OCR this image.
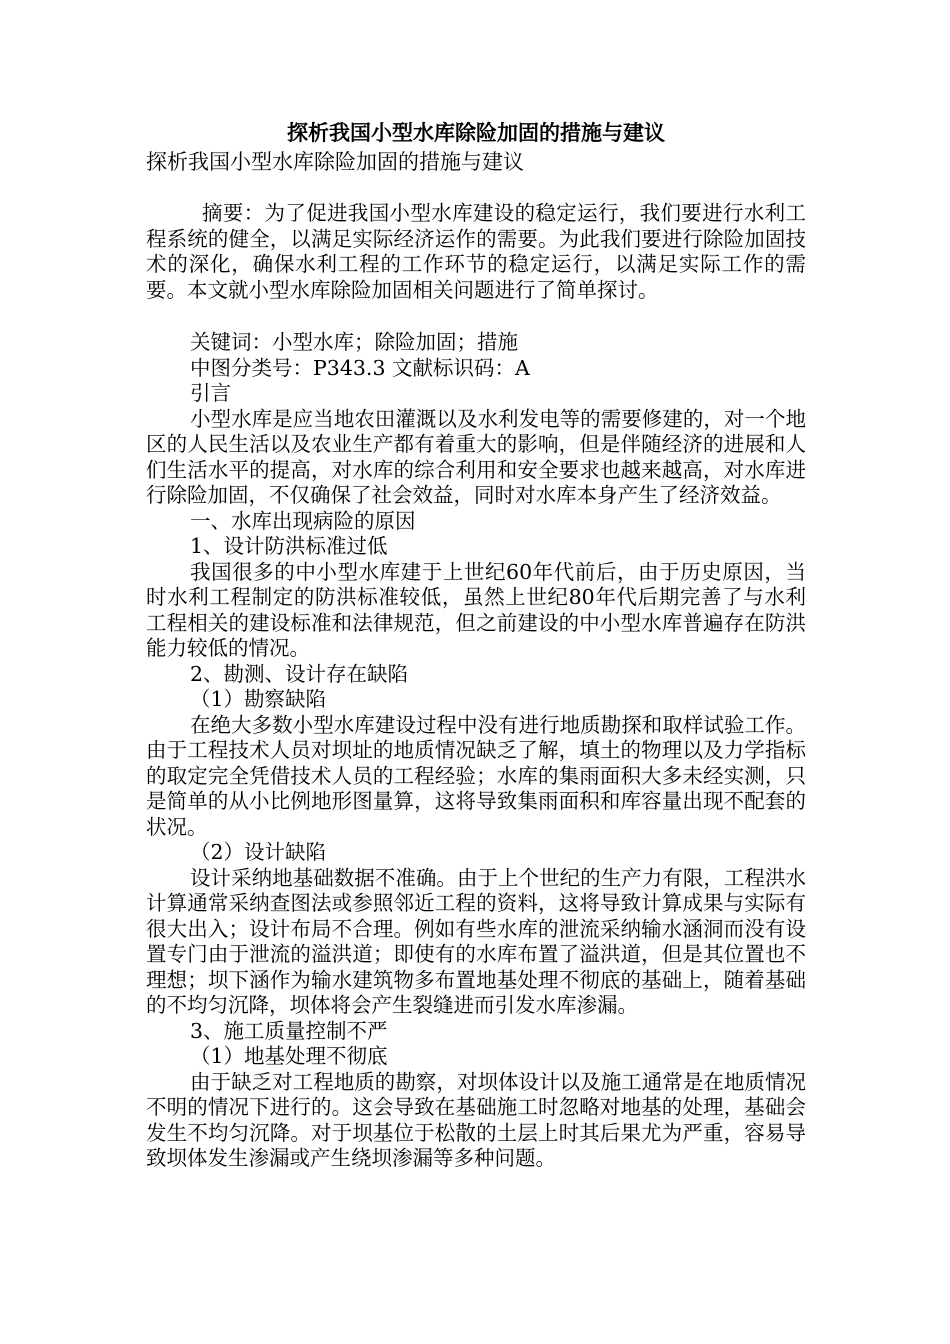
探析我国小型水库除险加固的措施与建议

探析我国小型水库除险加固的措施与建议

摘要：为了促进我国小型水库建设的稳定运行，我们要进行水利工程系统的健全，以满足实际经济运作的需要。为此我们要进行除险加固技术的深化，确保水利工程的工作环节的稳定运行，以满足实际工作的需要。本文就小型水库除险加固相关问题进行了简单探讨。

关键词：小型水库；除险加固；措施

中图分类号：P343.3 文献标识码：A

引言

小型水库是应当地农田灌溉以及水利发电等的需要修建的，对一个地区的人民生活以及农业生产都有着重大的影响，但是伴随经济的进展和人们生活水平的提高，对水库的综合利用和安全要求也越来越高，对水库进行除险加固，不仅确保了社会效益，同时对水库本身产生了经济效益。

一、水库出现病险的原因

1、设计防洪标准过低

我国很多的中小型水库建于上世纪60年代前后，由于历史原因，当时水利工程制定的防洪标准较低，虽然上世纪80年代后期完善了与水利工程相关的建设标准和法律规范，但之前建设的中小型水库普遍存在防洪能力较低的情况。

2、勘测、设计存在缺陷

（1）勘察缺陷

在绝大多数小型水库建设过程中没有进行地质勘探和取样试验工作。由于工程技术人员对坝址的地质情况缺乏了解，填土的物理以及力学指标的取定完全凭借技术人员的工程经验；水库的集雨面积大多未经实测，只是简单的从小比例地形图量算，这将导致集雨面积和库容量出现不配套的状况。

（2）设计缺陷

设计采纳地基础数据不准确。由于上个世纪的生产力有限，工程洪水计算通常采纳查图法或参照邻近工程的资料，这将导致计算成果与实际有很大出入；设计布局不合理。例如有些水库的泄流采纳输水涵洞而没有设置专门由于泄流的溢洪道；即使有的水库布置了溢洪道，但是其位置也不理想；坝下涵作为输水建筑物多布置地基处理不彻底的基础上，随着基础的不均匀沉降，坝体将会产生裂缝进而引发水库渗漏。

3、施工质量控制不严

（1）地基处理不彻底

由于缺乏对工程地质的勘察，对坝体设计以及施工通常是在地质情况不明的情况下进行的。这会导致在基础施工时忽略对地基的处理，基础会发生不均匀沉降。对于坝基位于松散的土层上时其后果尤为严重，容易导致坝体发生渗漏或产生绕坝渗漏等多种问题。
